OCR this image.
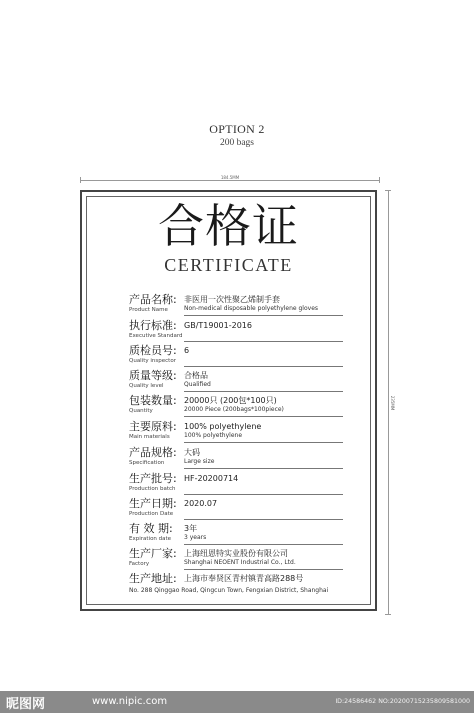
OPTION 2
200 bags
184.5MM
235MM
合格证
CERTIFICATE
产品名称:
Product Name
非医用一次性聚乙烯制手套
Non-medical disposable polyethylene gloves
执行标准:
Executive Standard
GB/T19001-2016
质检员号:
Quality inspector
6
质量等级:
Quality level
合格品
Qualified
包装数量:
Quantity
20000只 (200包*100只)
20000 Piece (200bags*100piece)
主要原料:
Main materials
100% polyethylene
100% polyethylene
产品规格:
Specification
大码
Large size
生产批号:
Production batch
HF-20200714
生产日期:
Production Date
2020.07
有 效 期:
Expiration date
3年
3 years
生产厂家:
Factory
上海纽恩特实业股份有限公司
Shanghai NEOENT Industrial Co., Ltd.
生产地址: 上海市奉贤区青村镇青高路288号
No. 288 Qinggao Road, Qingcun Town, Fengxian District, Shanghai
昵图网	www.nipic.com	ID:24586462 NO:20200715235809581000
